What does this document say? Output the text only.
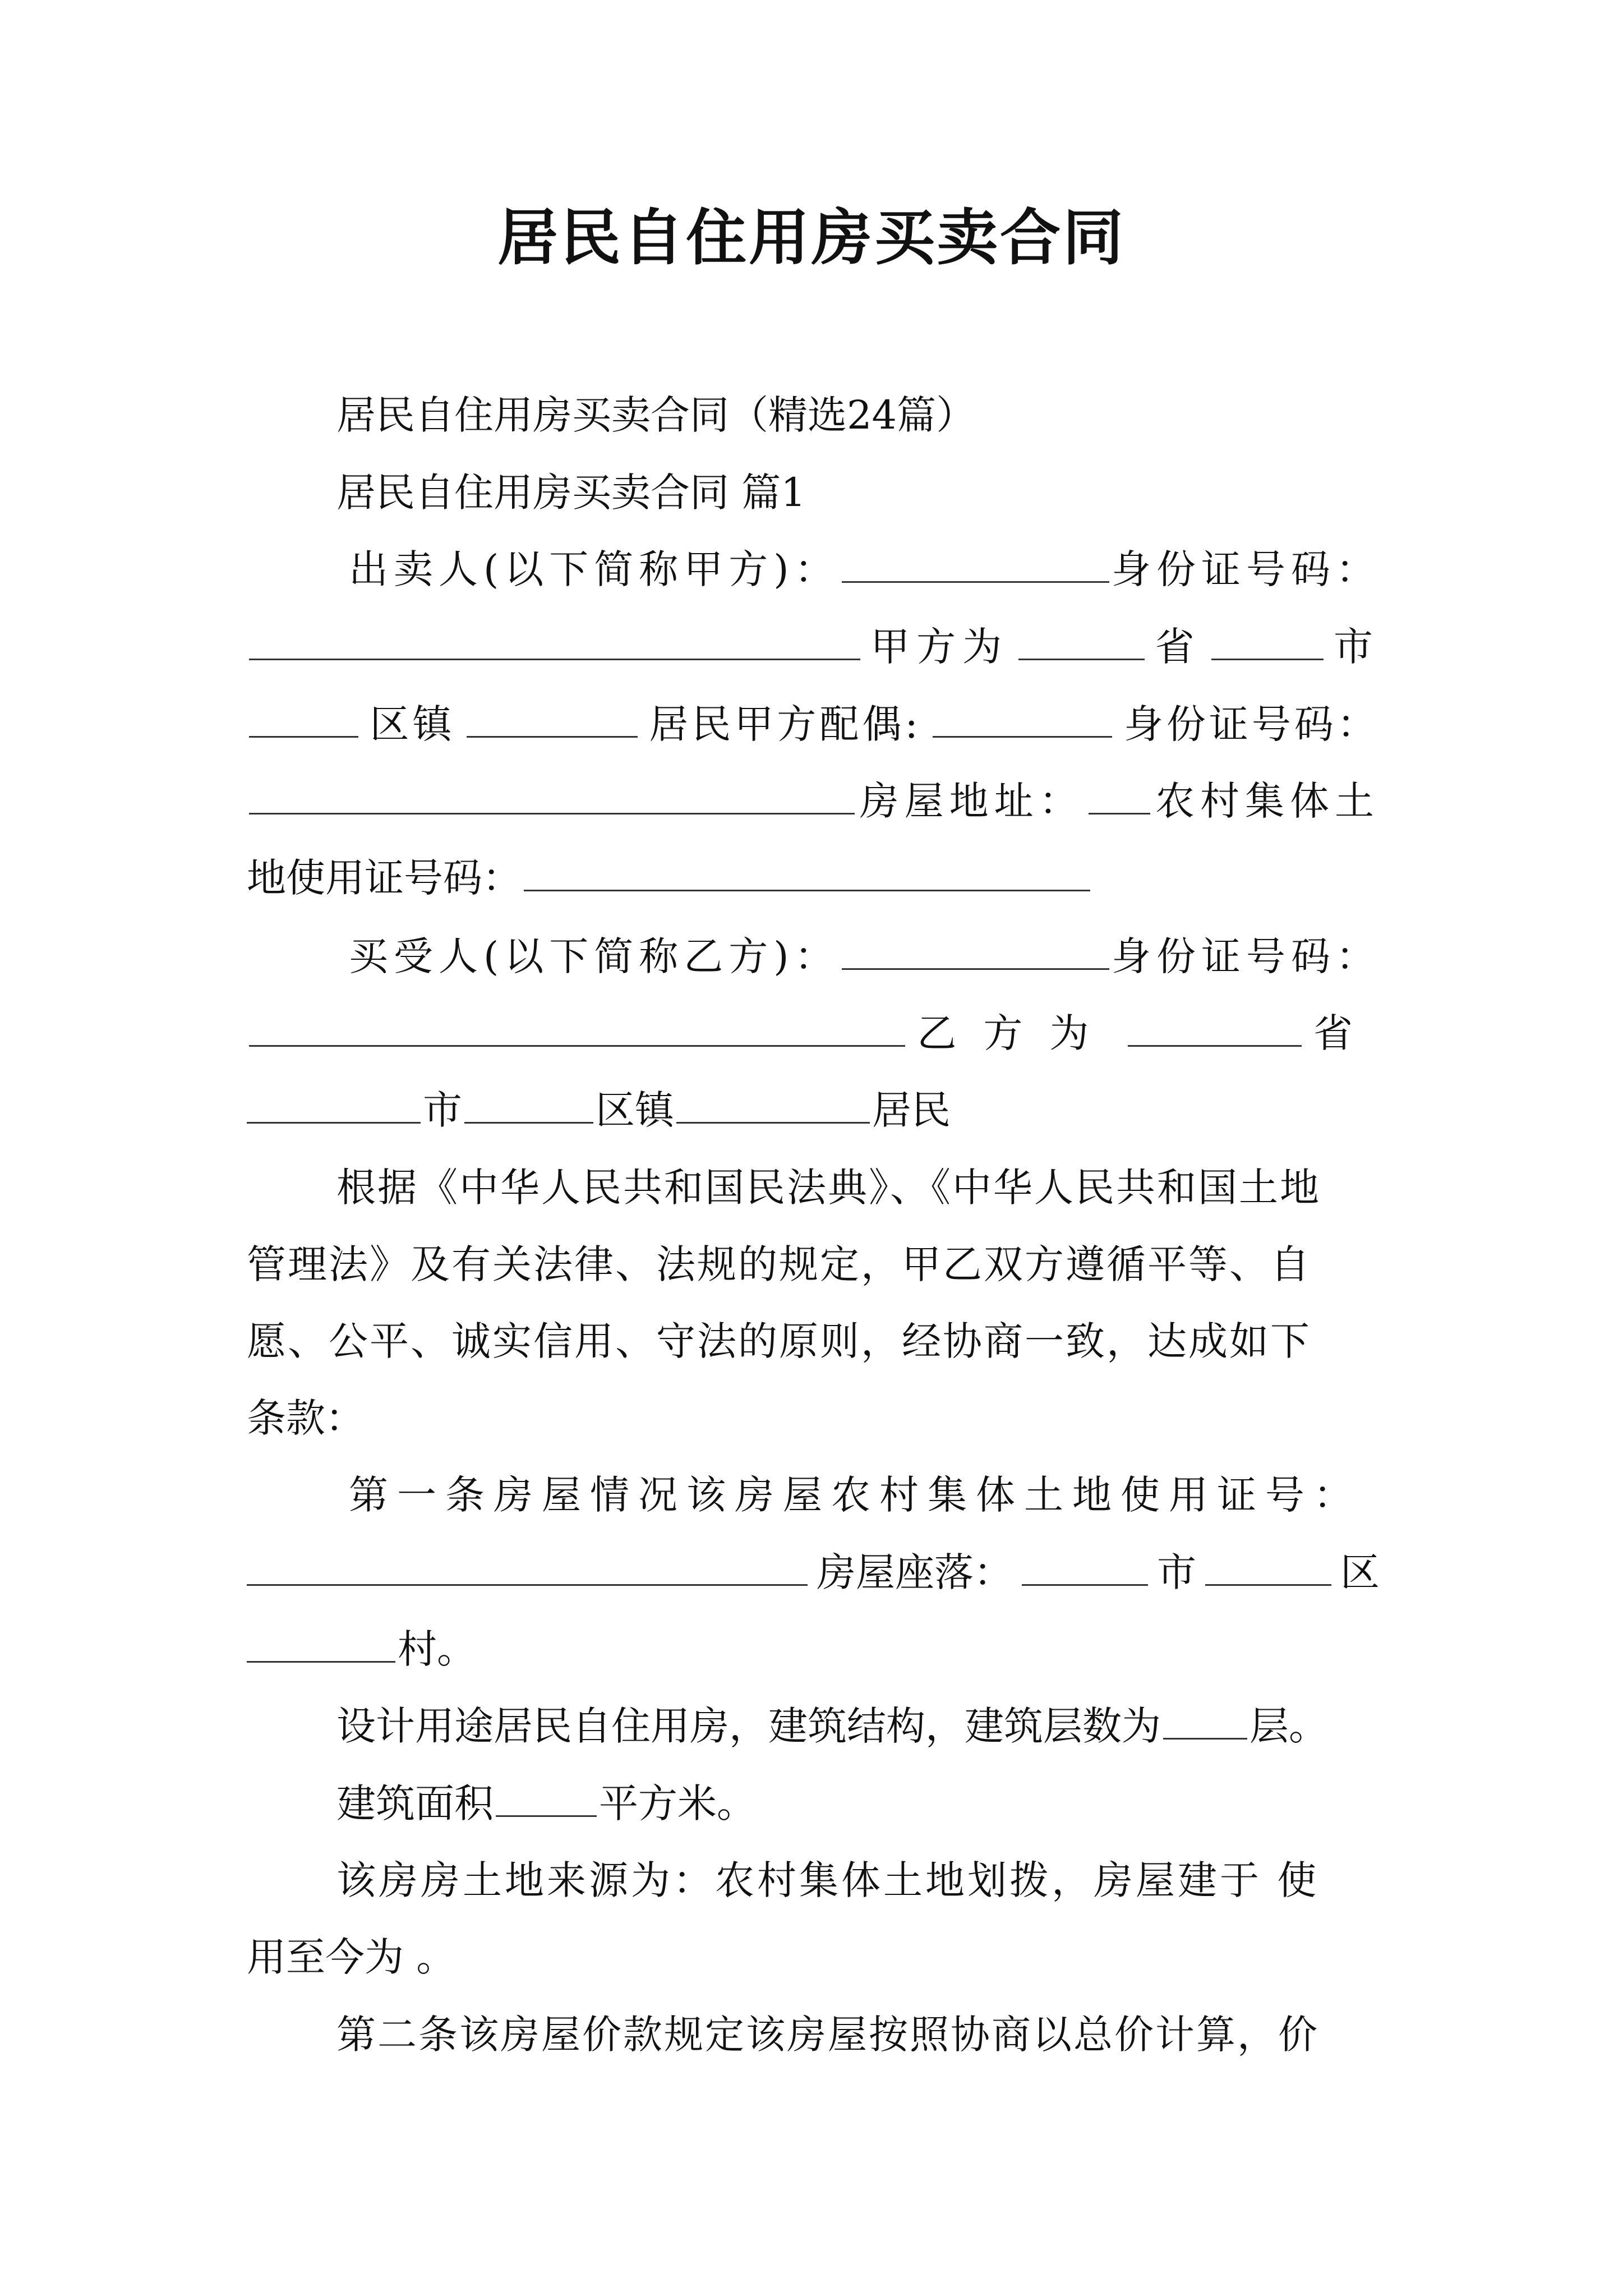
居民自住用房买卖合同
居民自住用房买卖合同（精选24篇）
居民自住用房买卖合同 篇1
出卖人(以下简称甲方)：	身份证号码：
甲方为	省	市
区镇	居民甲方配偶:	身份证号码：
房屋地址： 农村集体土
地使用证号码：
买受人(以下简称乙方)：	身份证号码：
乙方为	省
市	区镇	居民
根据《中华人民共和国民法典》、《中华人民共和国土地
管理法》及有关法律、法规的规定，甲乙双方遵循平等、自
愿、公平、诚实信用、守法的原则，经协商一致，达成如下
条款：
第一条房屋情况该房屋农村集体土地使用证号：
房屋座落：	市	区
村。
设计用途居民自住用房，建筑结构，建筑层数为 层。
建筑面积	平方米。
该房房土地来源为：农村集体土地划拨，房屋建于 使
用至今为 。
第二条该房屋价款规定该房屋按照协商以总价计算，价
